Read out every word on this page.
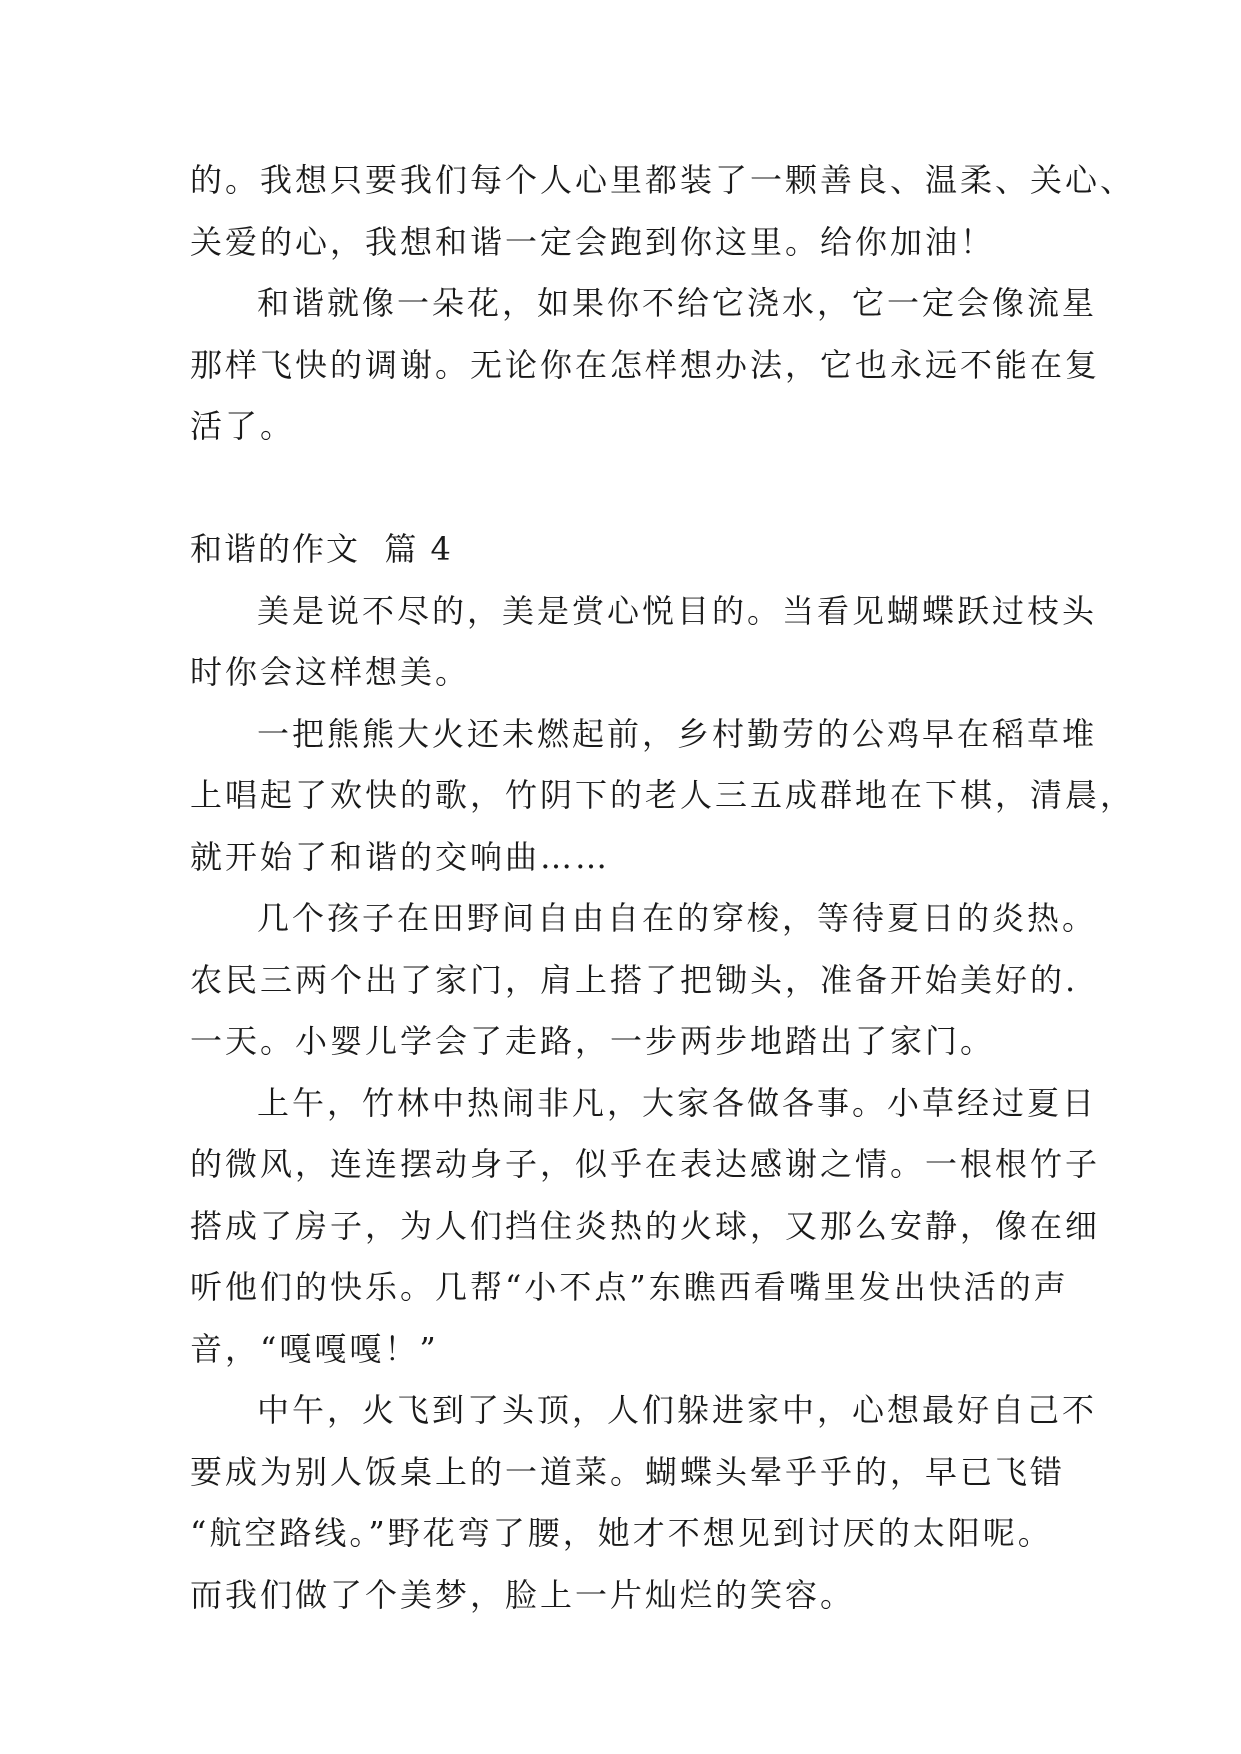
的。我想只要我们每个人心里都装了一颗善良、温柔、关心、
关爱的心，我想和谐一定会跑到你这里。给你加油！
和谐就像一朵花，如果你不给它浇水，它一定会像流星
那样飞快的调谢。无论你在怎样想办法，它也永远不能在复
活了。
和谐的作文  篇 4
美是说不尽的，美是赏心悦目的。当看见蝴蝶跃过枝头
时你会这样想美。
一把熊熊大火还未燃起前，乡村勤劳的公鸡早在稻草堆
上唱起了欢快的歌，竹阴下的老人三五成群地在下棋，清晨，
就开始了和谐的交响曲……
几个孩子在田野间自由自在的穿梭，等待夏日的炎热。
农民三两个出了家门，肩上搭了把锄头，准备开始美好的.
一天。小婴儿学会了走路，一步两步地踏出了家门。
上午，竹林中热闹非凡，大家各做各事。小草经过夏日
的微风，连连摆动身子，似乎在表达感谢之情。一根根竹子
搭成了房子，为人们挡住炎热的火球，又那么安静，像在细
听他们的快乐。几帮“小不点”东瞧西看嘴里发出快活的声
音，“嘎嘎嘎！”
中午，火飞到了头顶，人们躲进家中，心想最好自己不
要成为别人饭桌上的一道菜。蝴蝶头晕乎乎的，早已飞错
“航空路线。”野花弯了腰，她才不想见到讨厌的太阳呢。
而我们做了个美梦，脸上一片灿烂的笑容。
